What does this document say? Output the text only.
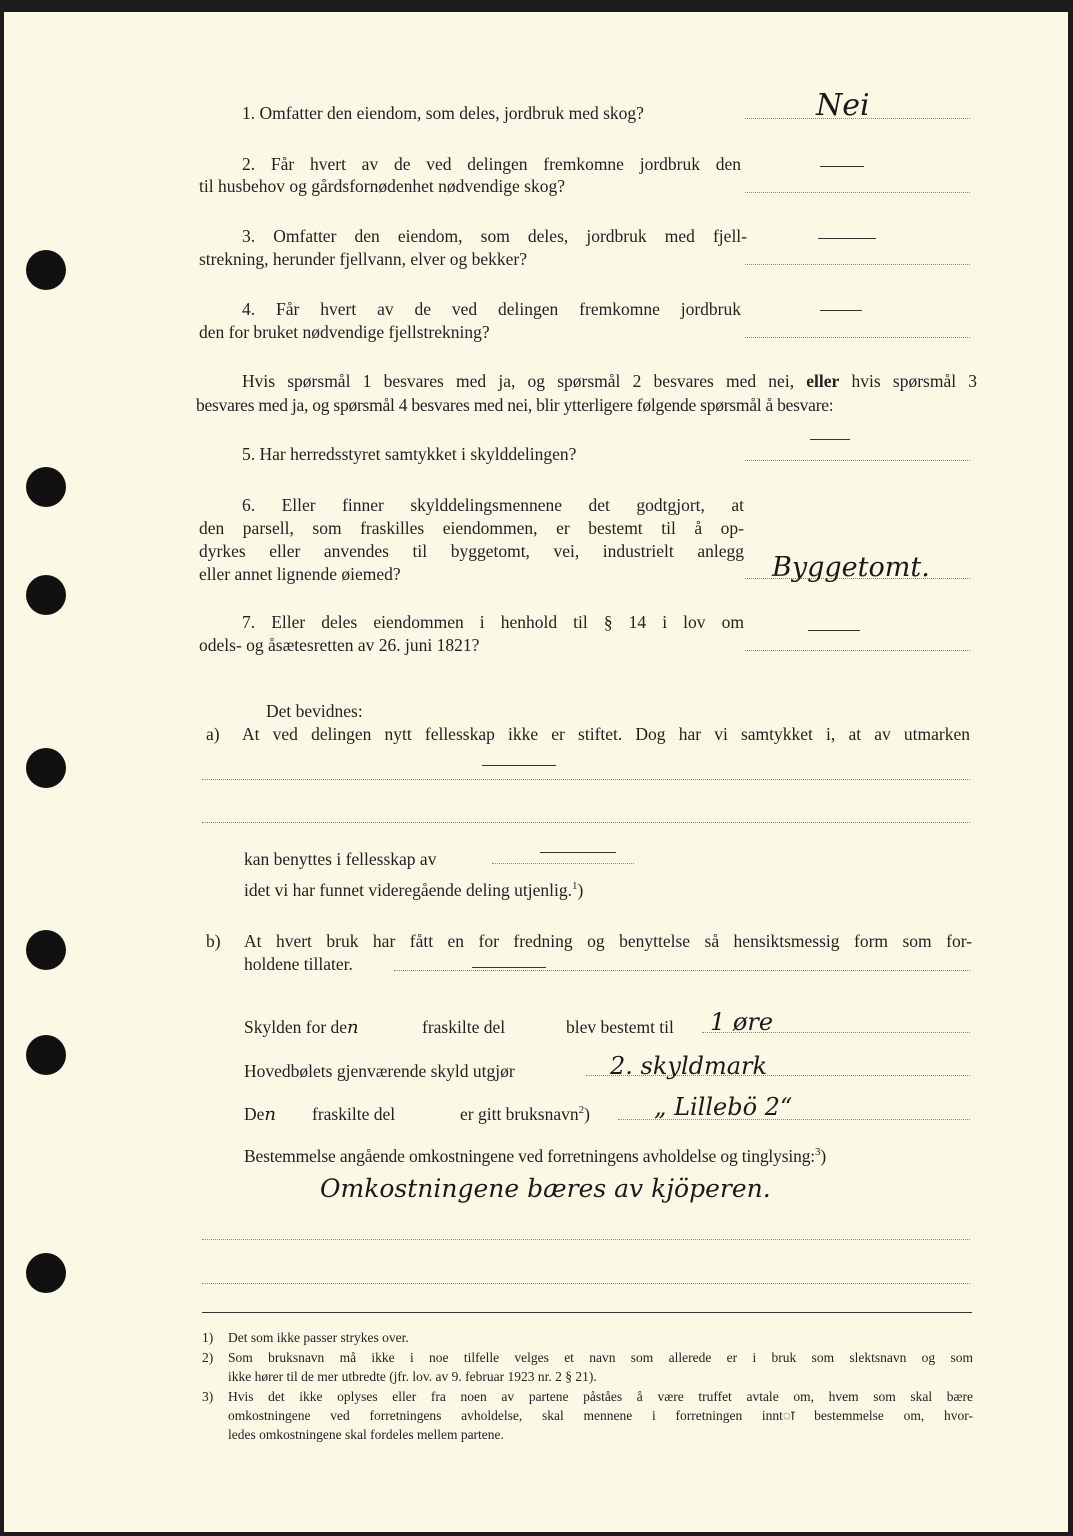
1. Omfatter den eiendom, som deles, jordbruk med skog?	Nei
2. Får hvert av de ved delingen fremkomne jordbruk den
til husbehov og gårdsfornødenhet nødvendige skog?
3. Omfatter den eiendom, som deles, jordbruk med fjell-
strekning, herunder fjellvann, elver og bekker?
4. Får hvert av de ved delingen fremkomne jordbruk
den for bruket nødvendige fjellstrekning?
Hvis spørsmål 1 besvares med ja, og spørsmål 2 besvares med nei, eller hvis spørsmål 3
besvares med ja, og spørsmål 4 besvares med nei, blir ytterligere følgende spørsmål å besvare:
5. Har herredsstyret samtykket i skylddelingen?
6. Eller finner skylddelingsmennene det godtgjort, at
den parsell, som fraskilles eiendommen, er bestemt til å op-
dyrkes eller anvendes til byggetomt, vei, industrielt anlegg
eller annet lignende øiemed?	Byggetomt.
7. Eller deles eiendommen i henhold til § 14 i lov om
odels- og åsætesretten av 26. juni 1821?
Det bevidnes:
a) At ved delingen nytt fellesskap ikke er stiftet. Dog har vi samtykket i, at av utmarken
kan benyttes i fellesskap av
idet vi har funnet videregående deling utjenlig.$^1$)
b) At hvert bruk har fått en for fredning og benyttelse så hensiktsmessig form som for-
holdene tillater.
Skylden for den	fraskilte del	blev bestemt til 1 øre
Hovedbølets gjenværende skyld utgjør	2. skyldmark
Den fraskilte del	er gitt bruksnavn$^2$)	„ Lillebö 2“
Bestemmelse angående omkostningene ved forretningens avholdelse og tinglysing:$^3$)
Omkostningene bæres av kjöperen.
1) Det som ikke passer strykes over.
2) Som bruksnavn må ikke i noe tilfelle velges et navn som allerede er i bruk som slektsnavn og som
ikke hører til de mer utbredte (jfr. lov. av 9. februar 1923 nr. 2 § 21).
3) Hvis det ikke oplyses eller fra noen av partene påståes å være truffet avtale om, hvem som skal bære
omkostningene ved forretningens avholdelse, skal mennene i forretningen inntा bestemmelse om, hvor-
ledes omkostningene skal fordeles mellem partene.
